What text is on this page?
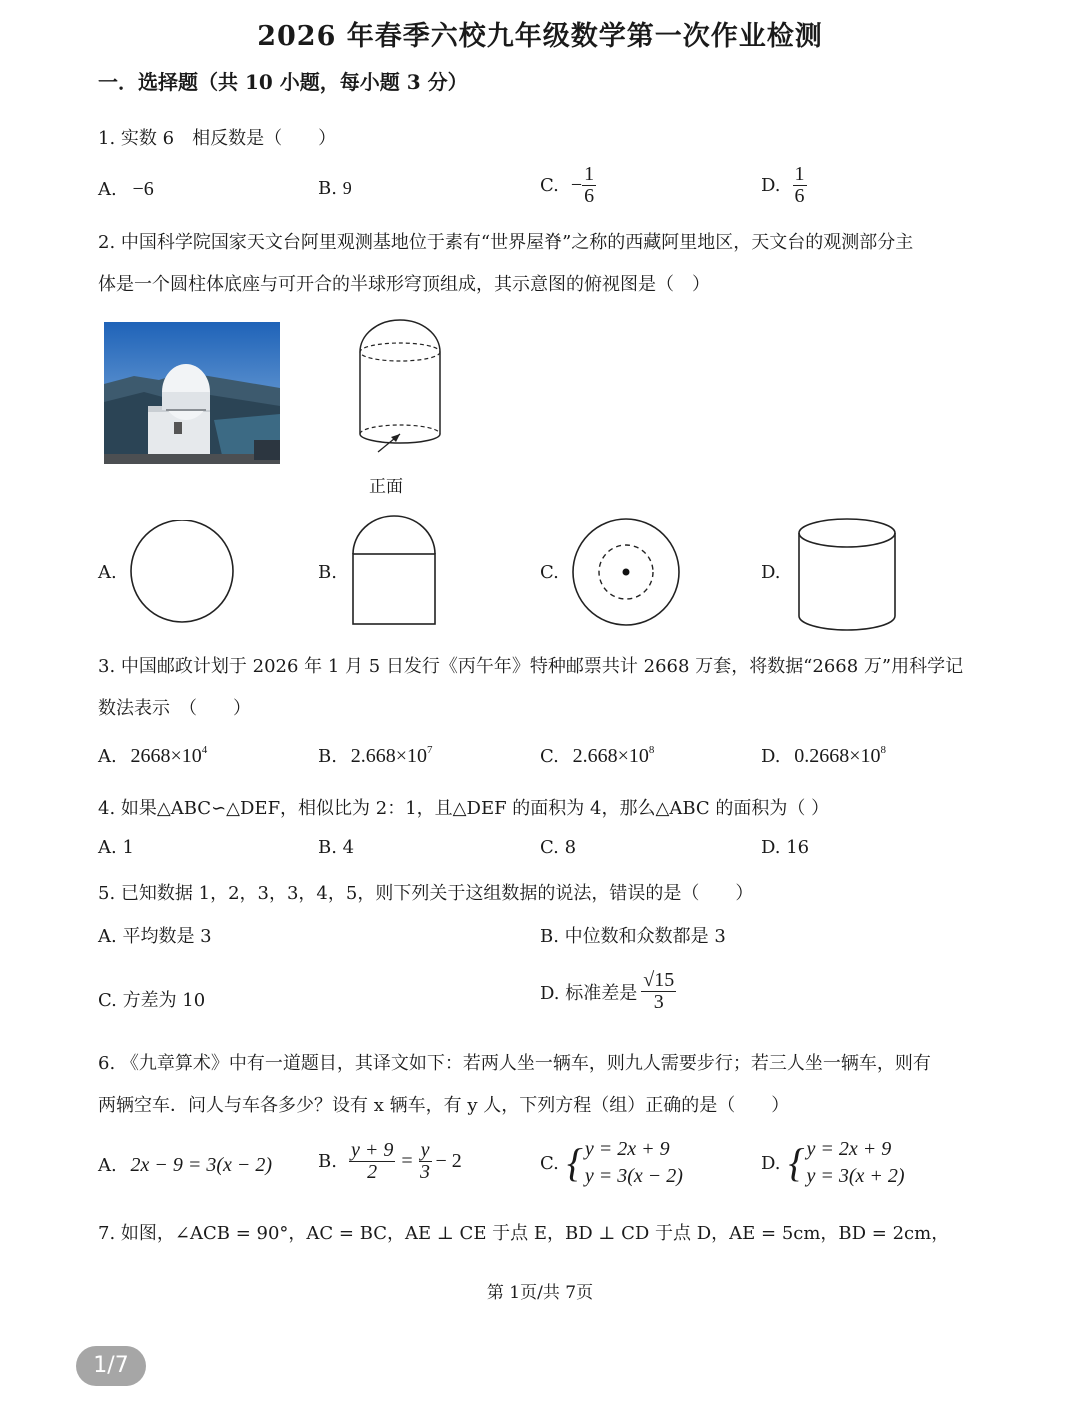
2026 年春季六校九年级数学第一次作业检测
一．选择题（共 10 小题，每小题 3 分）
1. 实数 6　相反数是（　　）
A. −6	B. 9	C. − $\frac{1}{6}$	D. $\frac{1}{6}$
2. 中国科学院国家天文台阿里观测基地位于素有“世界屋脊”之称的西藏阿里地区，天文台的观测部分主
体是一个圆柱体底座与可开合的半球形穹顶组成，其示意图的俯视图是（　）
正面
A.	B.	C.	D.
3. 中国邮政计划于 2026 年 1 月 5 日发行《丙午年》特种邮票共计 2668 万套，将数据“2668 万”用科学记
数法表示　（　　）
A. $2668\times 10^4$	B. $2.668\times 10^7$	C. $2.668\times 10^8$	D. $0.2668\times 10^8$
4. 如果△ABC∽△DEF，相似比为 2：1，且△DEF 的面积为 4，那么△ABC 的面积为（ ）
A. 1	B. 4	C. 8	D. 16
5. 已知数据 1，2，3，3，4，5，则下列关于这组数据的说法，错误的是（　　）
A. 平均数是 3	B. 中位数和众数都是 3
C. 方差为 10	D. 标准差是 $\frac{√15}{3}$
6. 《九章算术》中有一道题目，其译文如下：若两人坐一辆车，则九人需要步行；若三人坐一辆车，则有
两辆空车．问人与车各多少？设有 x 辆车，有 y 人，下列方程（组）正确的是（　　）
A. 2x − 9 = 3(x − 2)	B. $\frac{y + 9}{2} = \frac{y}{3} - 2$	C. { y = 2x + 9
y = 3(x − 2)
D. { y = 2x + 9
y = 3(x + 2)
7. 如图，∠ACB = 90°，AC = BC，AE ⊥ CE 于点 E，BD ⊥ CD 于点 D，AE = 5cm，BD = 2cm，
第 1页/共 7页
1/7
